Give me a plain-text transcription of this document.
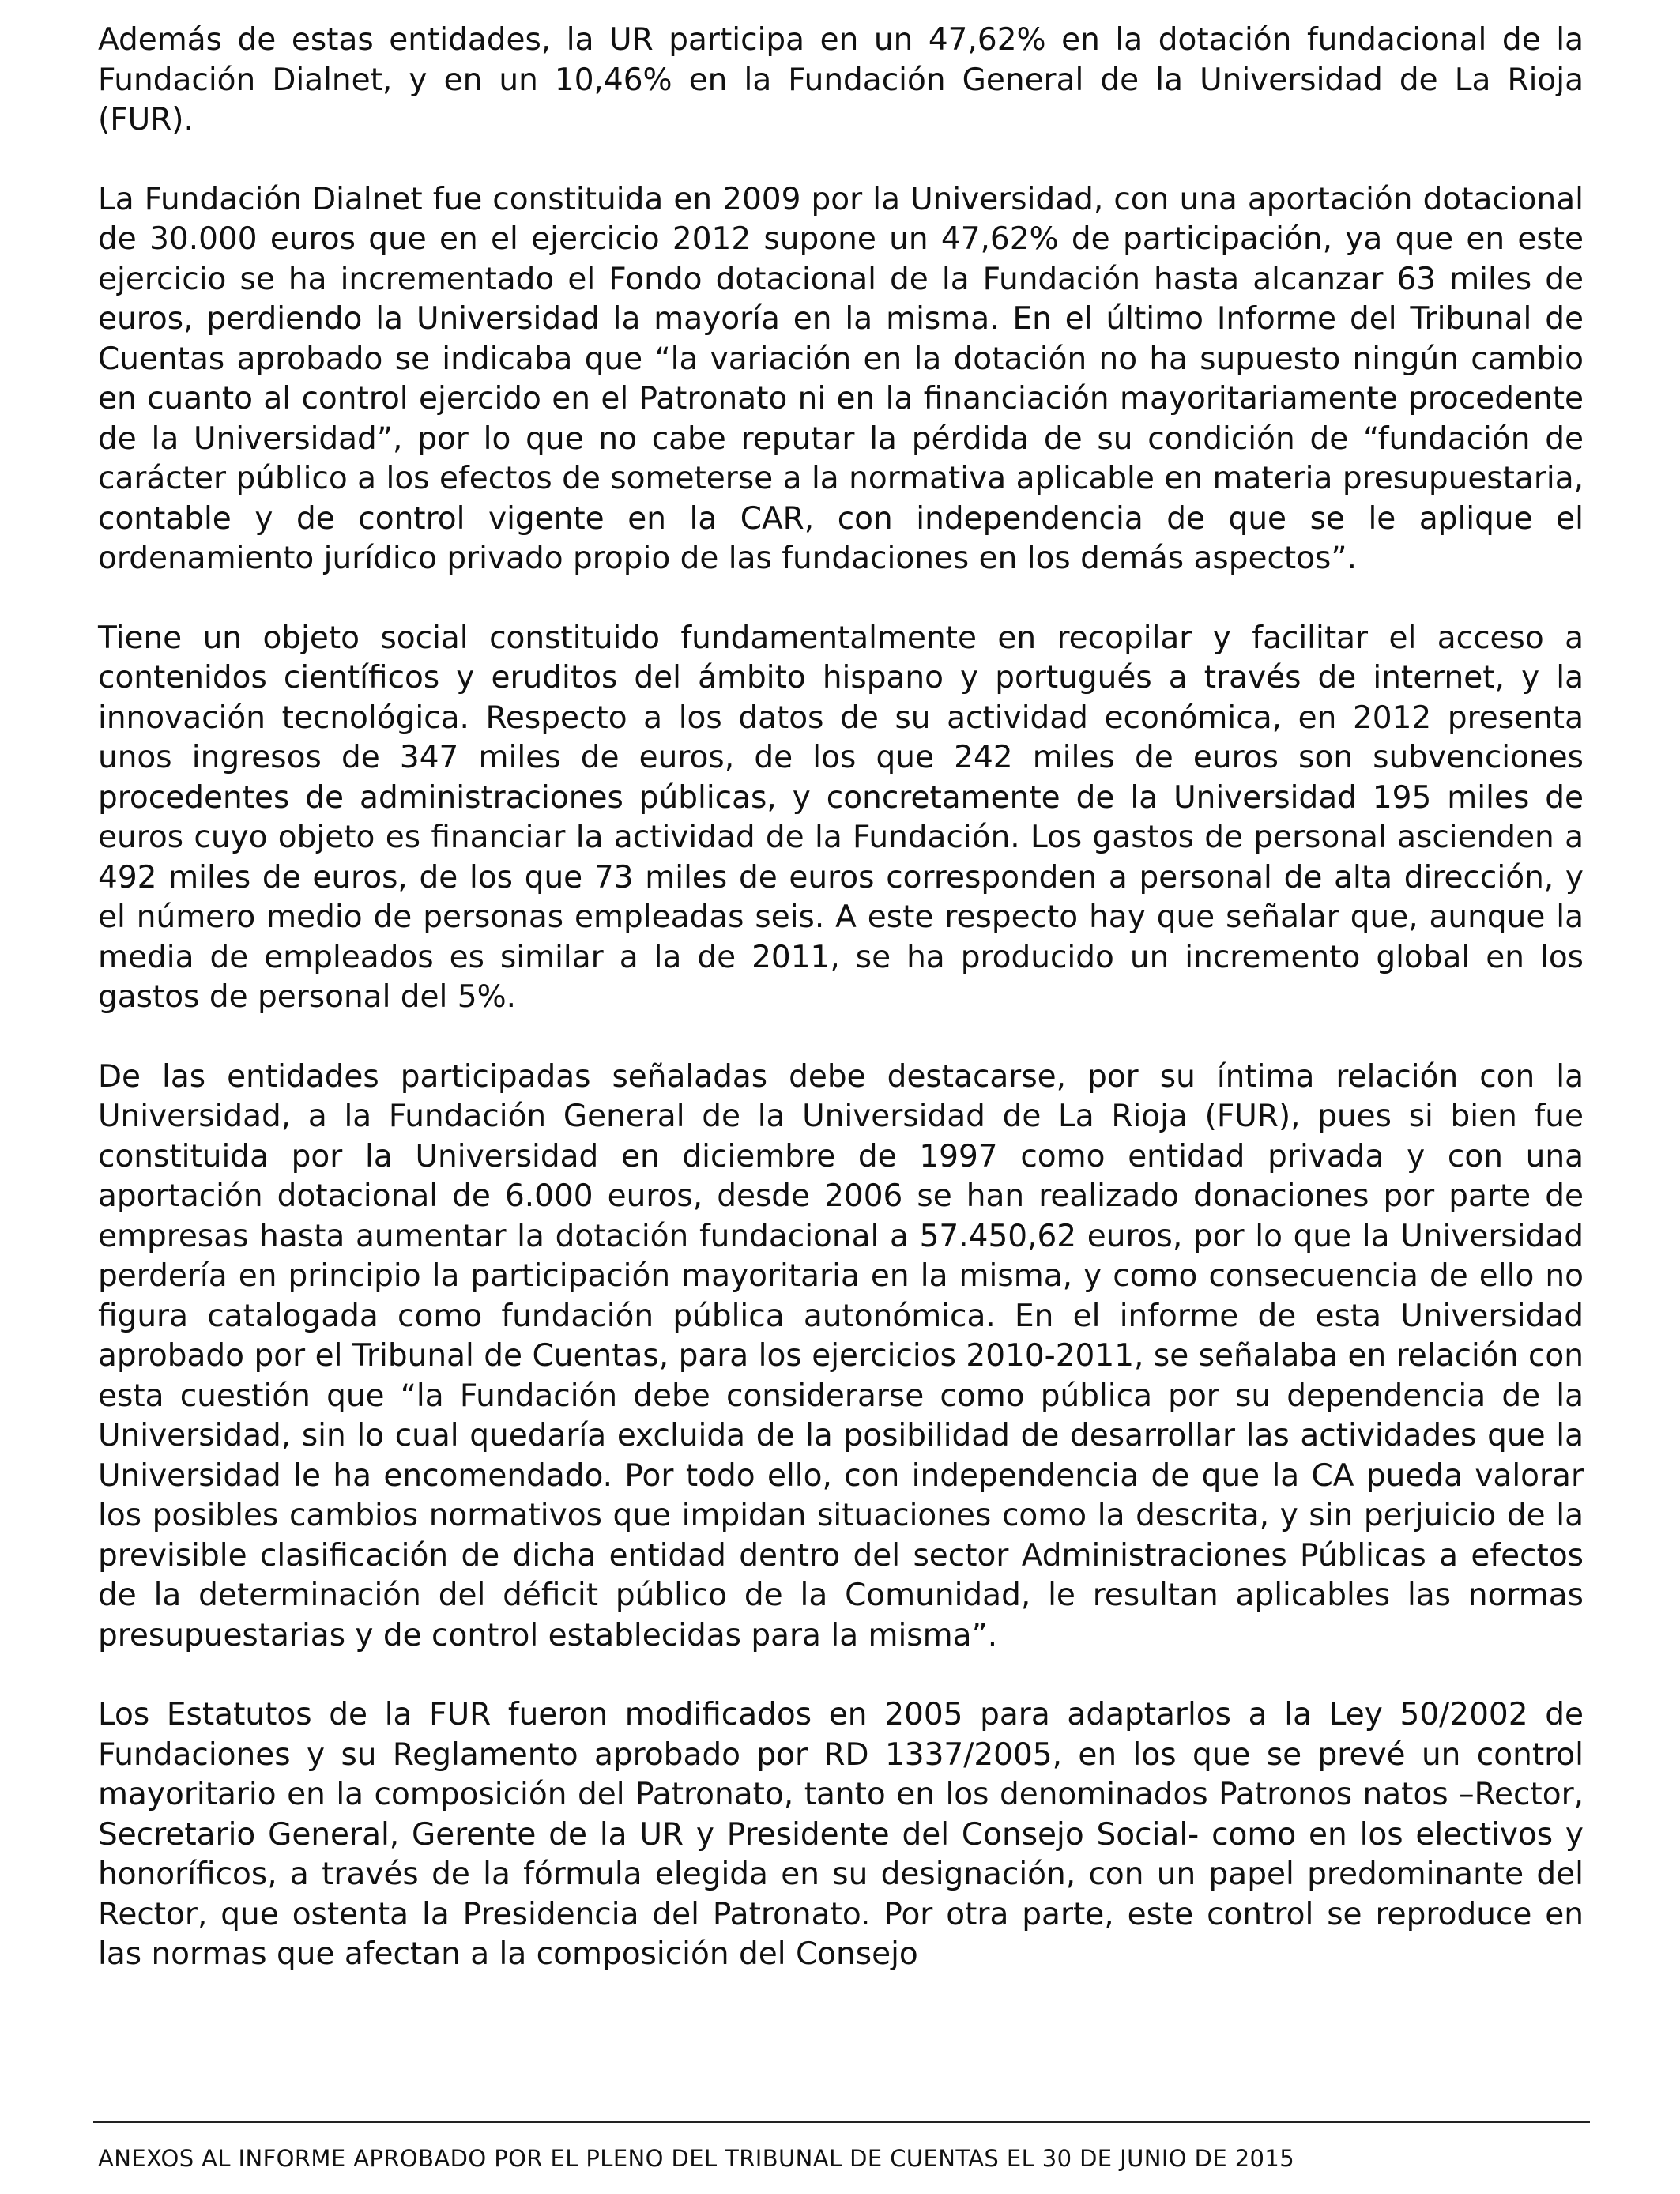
Además de estas entidades, la UR participa en un 47,62% en la dotación fundacional de la Fundación Dialnet, y en un 10,46% en la Fundación General de la Universidad de La Rioja (FUR).

La Fundación Dialnet fue constituida en 2009 por la Universidad, con una aportación dotacional de 30.000 euros que en el ejercicio 2012 supone un 47,62% de participación, ya que en este ejercicio se ha incrementado el Fondo dotacional de la Fundación hasta alcanzar 63 miles de euros, perdiendo la Universidad la mayoría en la misma. En el último Informe del Tribunal de Cuentas aprobado se indicaba que “la variación en la dotación no ha supuesto ningún cambio en cuanto al control ejercido en el Patronato ni en la financiación mayoritariamente procedente de la Universidad”, por lo que no cabe reputar la pérdida de su condición de “fundación de carácter público a los efectos de someterse a la normativa aplicable en materia presupuestaria, contable y de control vigente en la CAR, con independencia de que se le aplique el ordenamiento jurídico privado propio de las fundaciones en los demás aspectos”.

Tiene un objeto social constituido fundamentalmente en recopilar y facilitar el acceso a contenidos científicos y eruditos del ámbito hispano y portugués a través de internet, y la innovación tecnológica. Respecto a los datos de su actividad económica, en 2012 presenta unos ingresos de 347 miles de euros, de los que 242 miles de euros son subvenciones procedentes de administraciones públicas, y concretamente de la Universidad 195 miles de euros cuyo objeto es financiar la actividad de la Fundación. Los gastos de personal ascienden a 492 miles de euros, de los que 73 miles de euros corresponden a personal de alta dirección, y el número medio de personas empleadas seis. A este respecto hay que señalar que, aunque la media de empleados es similar a la de 2011, se ha producido un incremento global en los gastos de personal del 5%.

De las entidades participadas señaladas debe destacarse, por su íntima relación con la Universidad, a la Fundación General de la Universidad de La Rioja (FUR), pues si bien fue constituida por la Universidad en diciembre de 1997 como entidad privada y con una aportación dotacional de 6.000 euros, desde 2006 se han realizado donaciones por parte de empresas hasta aumentar la dotación fundacional a 57.450,62 euros, por lo que la Universidad perdería en principio la participación mayoritaria en la misma, y como consecuencia de ello no figura catalogada como fundación pública autonómica. En el informe de esta Universidad aprobado por el Tribunal de Cuentas, para los ejercicios 2010-2011, se señalaba en relación con esta cuestión que “la Fundación debe considerarse como pública por su dependencia de la Universidad, sin lo cual quedaría excluida de la posibilidad de desarrollar las actividades que la Universidad le ha encomendado. Por todo ello, con independencia de que la CA pueda valorar los posibles cambios normativos que impidan situaciones como la descrita, y sin perjuicio de la previsible clasificación de dicha entidad dentro del sector Administraciones Públicas a efectos de la determinación del déficit público de la Comunidad, le resultan aplicables las normas presupuestarias y de control establecidas para la misma”.

Los Estatutos de la FUR fueron modificados en 2005 para adaptarlos a la Ley 50/2002 de Fundaciones y su Reglamento aprobado por RD 1337/2005, en los que se prevé un control mayoritario en la composición del Patronato, tanto en los denominados Patronos natos –Rector, Secretario General, Gerente de la UR y Presidente del Consejo Social- como en los electivos y honoríficos, a través de la fórmula elegida en su designación, con un papel predominante del Rector, que ostenta la Presidencia del Patronato. Por otra parte, este control se reproduce en las normas que afectan a la composición del Consejo

ANEXOS AL INFORME APROBADO POR EL PLENO DEL TRIBUNAL DE CUENTAS EL 30 DE JUNIO DE 2015
